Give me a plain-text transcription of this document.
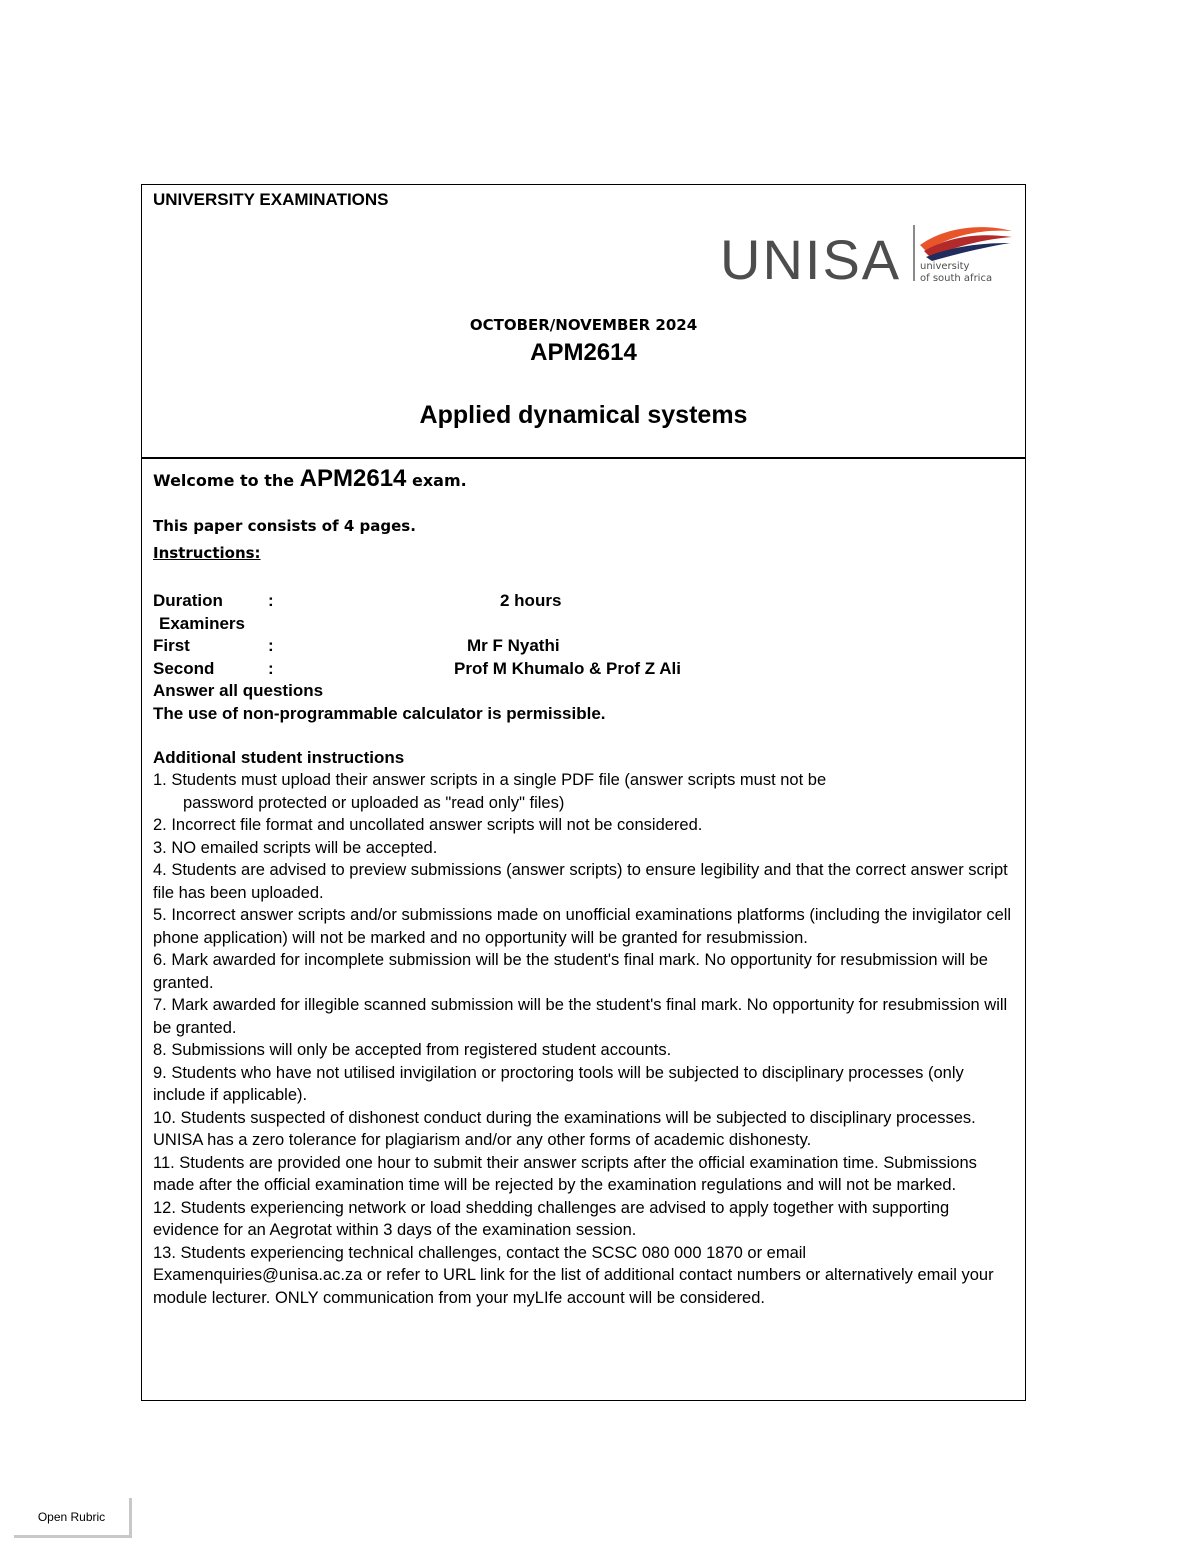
UNIVERSITY EXAMINATIONS
UNISA university
of south africa
OCTOBER/NOVEMBER 2024
APM2614
Applied dynamical systems
Welcome to the APM2614 exam.
This paper consists of 4 pages.
Instructions:
Duration	:	2 hours
Examiners
First	:	Mr F Nyathi
Second	:	Prof M Khumalo & Prof Z Ali
Answer all questions
The use of non-programmable calculator is permissible.
Additional student instructions
1. Students must upload their answer scripts in a single PDF file (answer scripts must not be
password protected or uploaded as "read only" files)
2. Incorrect file format and uncollated answer scripts will not be considered.
3. NO emailed scripts will be accepted.
4. Students are advised to preview submissions (answer scripts) to ensure legibility and that the correct answer script file has been uploaded.
5. Incorrect answer scripts and/or submissions made on unofficial examinations platforms (including the invigilator cell phone application) will not be marked and no opportunity will be granted for resubmission.
6. Mark awarded for incomplete submission will be the student's final mark. No opportunity for resubmission will be granted.
7. Mark awarded for illegible scanned submission will be the student's final mark. No opportunity for resubmission will be granted.
8. Submissions will only be accepted from registered student accounts.
9. Students who have not utilised invigilation or proctoring tools will be subjected to disciplinary processes (only include if applicable).
10. Students suspected of dishonest conduct during the examinations will be subjected to disciplinary processes. UNISA has a zero tolerance for plagiarism and/or any other forms of academic dishonesty.
11. Students are provided one hour to submit their answer scripts after the official examination time. Submissions made after the official examination time will be rejected by the examination regulations and will not be marked.
12. Students experiencing network or load shedding challenges are advised to apply together with supporting evidence for an Aegrotat within 3 days of the examination session.
13. Students experiencing technical challenges, contact the SCSC 080 000 1870 or email Examenquiries@unisa.ac.za or refer to URL link for the list of additional contact numbers or alternatively email your module lecturer. ONLY communication from your myLIfe account will be considered.
Open Rubric
